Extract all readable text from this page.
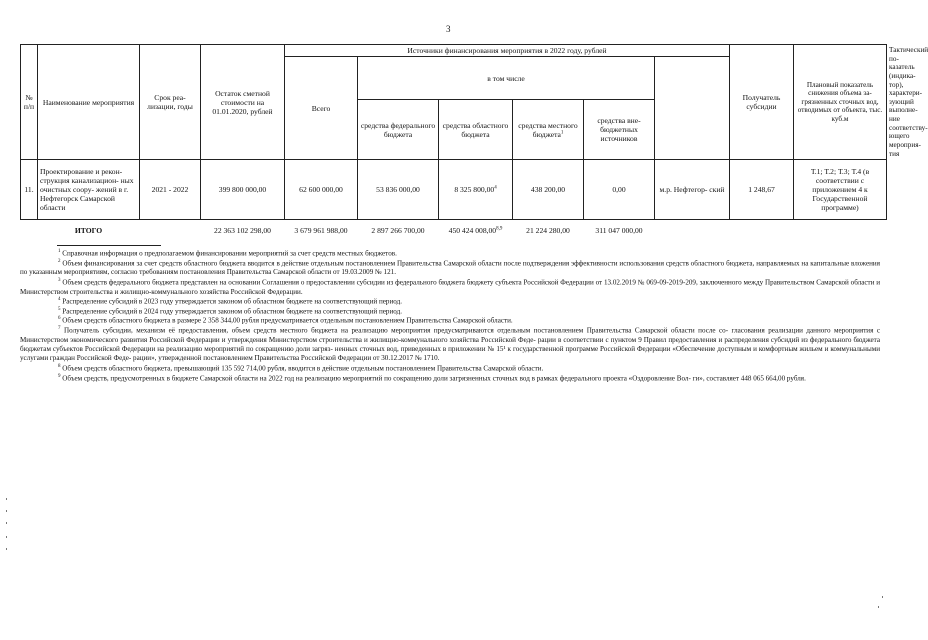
3
№ п/п	Наименование мероприятия	Срок реа- лизации, годы	Остаток сметной стоимости на 01.01.2020, рублей	Источники финансирования мероприятия в 2022 году, рублей						Получатель субсидии	Плановый показатель снижения объема за- грязненных сточных вод, отводимых от объекта, тыс. куб.м	Тактический по- казатель (индика- тор), характери- зующий выполне- ние соответству- ющего мероприя- тия
				Всего	в том числе							
					средства федерального бюджета	средства областного бюджета	средства местного бюджета$^1$	средства вне- бюджетных источников				
11.	Проектирование и рекон- струкция канализацион- ных очистных соору- жений в г. Нефтегорск Самарской области	2021 - 2022	399 800 000,00	62 600 000,00	53 836 000,00	8 325 800,00$^4$	438 200,00	0,00	м.р. Нефтегор- ский	1 248,67	Т.1; Т.2; Т.3; Т.4 (в соответствии с приложением 4 к Государственной программе)	
	ИТОГО		22 363 102 298,00	3 679 961 988,00	2 897 266 700,00	450 424 008,00$^{8,9}$	21 224 280,00	311 047 000,00				

$^1$ Справочная информация о предполагаемом финансировании мероприятий за счет средств местных бюджетов.

$^2$ Объем финансирования за счет средств областного бюджета вводится в действие отдельным постановлением Правительства Самарской области после подтверждения эффективности использования средств областного бюджета, направляемых на капитальные вложения по указанным мероприятиям, согласно требованиям постановления Правительства Самарской области от 19.03.2009 № 121.

$^3$ Объем средств федерального бюджета представлен на основании Соглашения о предоставлении субсидии из федерального бюджета бюджету субъекта Российской Федерации от 13.02.2019 № 069-09-2019-209, заключенного между Правительством Самарской области и Министерством строительства и жилищно-коммунального хозяйства Российской Федерации.

$^4$ Распределение субсидий в 2023 году утверждается законом об областном бюджете на соответствующий период.

$^5$ Распределение субсидий в 2024 году утверждается законом об областном бюджете на соответствующий период.

$^6$ Объем средств областного бюджета в размере 2 358 344,00 рубля предусматривается отдельным постановлением Правительства Самарской области.

$^7$ Получатель субсидии, механизм её предоставления, объем средств местного бюджета на реализацию мероприятия предусматриваются отдельным постановлением Правительства Самарской области после со- гласования реализации данного мероприятия с Министерством экономического развития Российской Федерации и утверждения Министерством строительства и жилищно-коммунального хозяйства Российской Феде- рации в соответствии с пунктом 9 Правил предоставления и распределения субсидий из федерального бюджета бюджетам субъектов Российской Федерации на реализацию мероприятий по сокращению доли загряз- ненных сточных вод, приведенных в приложении № 15¹ к государственной программе Российской Федерации «Обеспечение доступным и комфортным жильем и коммунальными услугами граждан Российской Феде- рации», утвержденной постановлением Правительства Российской Федерации от 30.12.2017 № 1710.

$^8$ Объем средств областного бюджета, превышающий 135 592 714,00 рубля, вводится в действие отдельным постановлением Правительства Самарской области.

$^9$ Объем средств, предусмотренных в бюджете Самарской области на 2022 год на реализацию мероприятий по сокращению доли загрязненных сточных вод в рамках федерального проекта «Оздоровление Вол- ги», составляет 448 065 664,00 рубля.
